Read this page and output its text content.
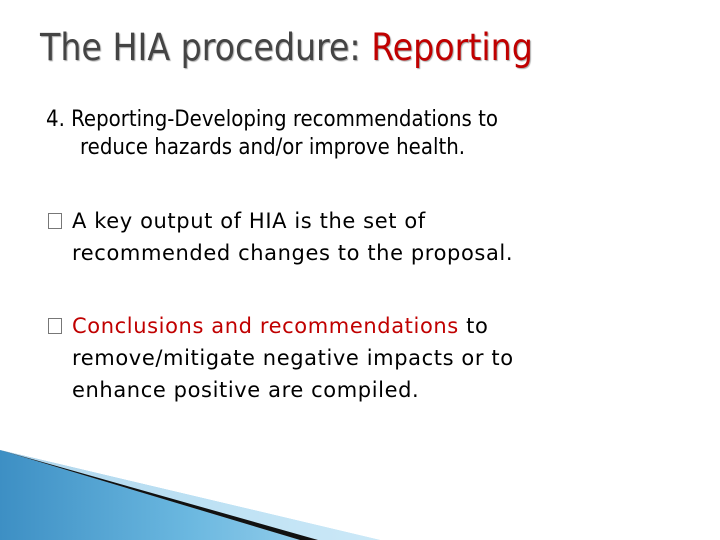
The HIA procedure: Reporting
4. Reporting-Developing recommendations to
reduce hazards and/or improve health.
A key output of HIA is the set of
recommended changes to the proposal.
Conclusions and recommendations to
remove/mitigate negative impacts or to
enhance positive are compiled.
